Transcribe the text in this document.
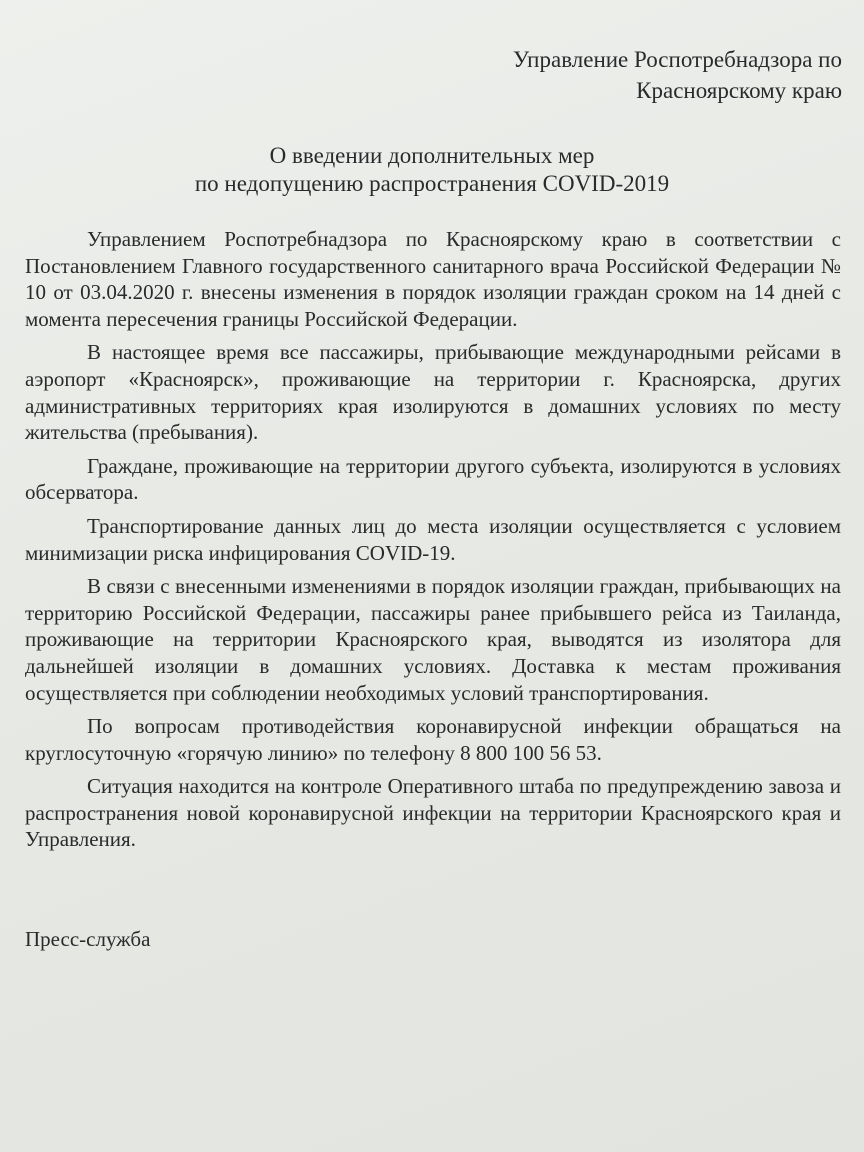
Управление Роспотребнадзора по
Красноярскому краю
О введении дополнительных мер
по недопущению распространения COVID-2019

Управлением Роспотребнадзора по Красноярскому краю в соответствии с Постановлением Главного государственного санитарного врача Российской Федерации № 10 от 03.04.2020 г. внесены изменения в порядок изоляции граждан сроком на 14 дней с момента пересечения границы Российской Федерации.

В настоящее время все пассажиры, прибывающие международными рейсами в аэропорт «Красноярск», проживающие на территории г. Красноярска, других административных территориях края изолируются в домашних условиях по месту жительства (пребывания).

Граждане, проживающие на территории другого субъекта, изолируются в условиях обсерватора.

Транспортирование данных лиц до места изоляции осуществляется с условием минимизации риска инфицирования COVID-19.

В связи с внесенными изменениями в порядок изоляции граждан, прибывающих на территорию Российской Федерации, пассажиры ранее прибывшего рейса из Таиланда, проживающие на территории Красноярского края, выводятся из изолятора для дальнейшей изоляции в домашних условиях. Доставка к местам проживания осуществляется при соблюдении необходимых условий транспортирования.

По вопросам противодействия коронавирусной инфекции обращаться на круглосуточную «горячую линию» по телефону 8 800 100 56 53.

Ситуация находится на контроле Оперативного штаба по предупреждению завоза и распространения новой коронавирусной инфекции на территории Красноярского края и Управления.

Пресс-служба
